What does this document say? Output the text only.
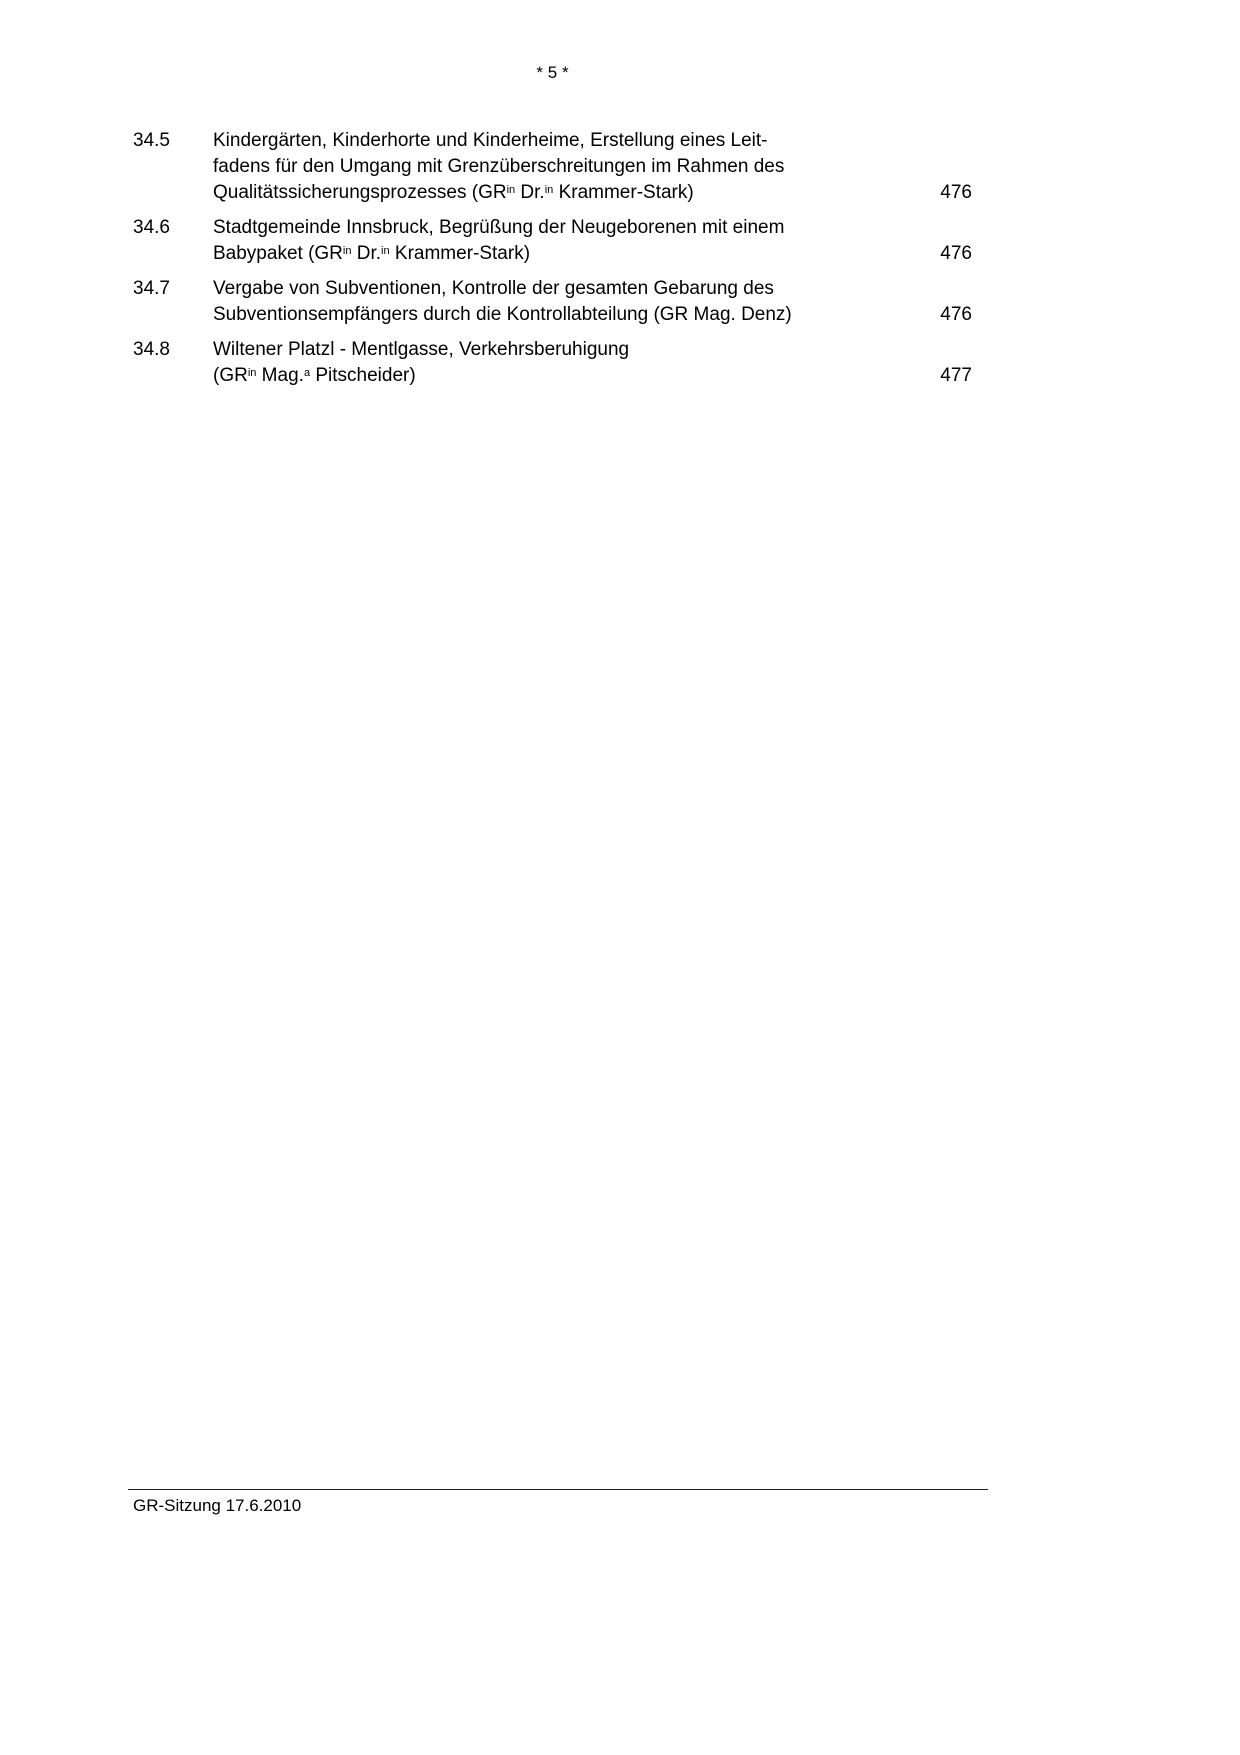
* 5 *
34.5	Kindergärten, Kinderhorte und Kinderheime, Erstellung eines Leit-
fadens für den Umgang mit Grenzüberschreitungen im Rahmen des
Qualitätssicherungsprozesses ($GR^{in}$ Dr.$^{in}$ Krammer-Stark)	476
34.6	Stadtgemeinde Innsbruck, Begrüßung der Neugeborenen mit einem
Babypaket ($GR^{in}$ Dr.$^{in}$ Krammer-Stark)	476
34.7	Vergabe von Subventionen, Kontrolle der gesamten Gebarung des
Subventionsempfängers durch die Kontrollabteilung (GR Mag. Denz)	476
34.8	Wiltener Platzl - Mentlgasse, Verkehrsberuhigung
($GR^{in}$ Mag.$^a$ Pitscheider)	477
GR-Sitzung 17.6.2010
